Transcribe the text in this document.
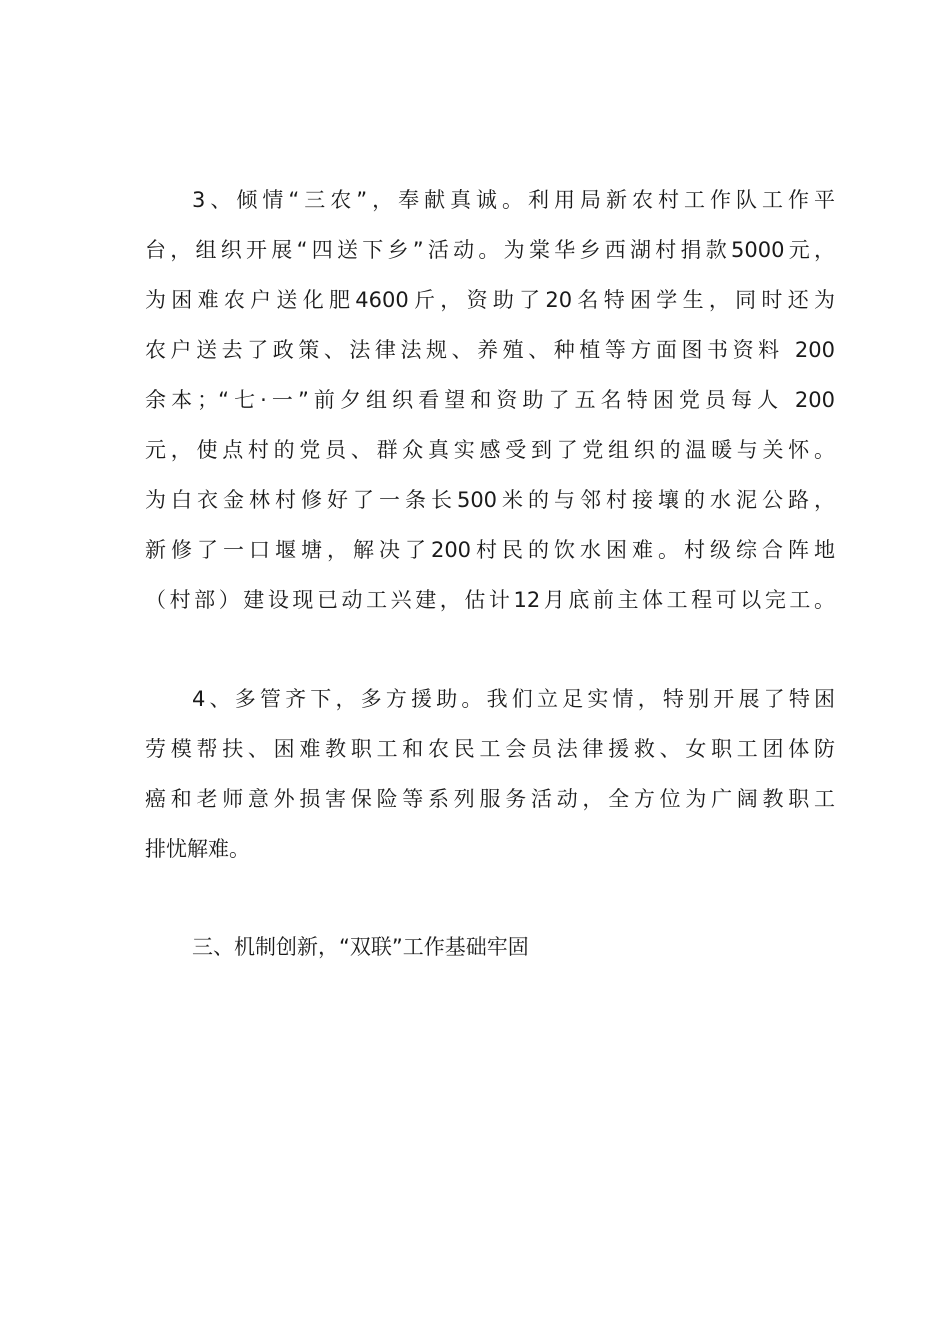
3、倾情“三农”，奉献真诚。利用局新农村工作队工作平
台，组织开展“四送下乡”活动。为棠华乡西湖村捐款5000元，
为困难农户送化肥4600斤，资助了20名特困学生，同时还为
农户送去了政策、法律法规、养殖、种植等方面图书资料 200
余本；“七·一”前夕组织看望和资助了五名特困党员每人 200
元，使点村的党员、群众真实感受到了党组织的温暖与关怀。
为白衣金林村修好了一条长500米的与邻村接壤的水泥公路，
新修了一口堰塘，解决了200村民的饮水困难。村级综合阵地
（村部）建设现已动工兴建，估计12月底前主体工程可以完工。
4、多管齐下，多方援助。我们立足实情，特别开展了特困
劳模帮扶、困难教职工和农民工会员法律援救、女职工团体防
癌和老师意外损害保险等系列服务活动，全方位为广阔教职工
排忧解难。
三、机制创新，“双联”工作基础牢固
